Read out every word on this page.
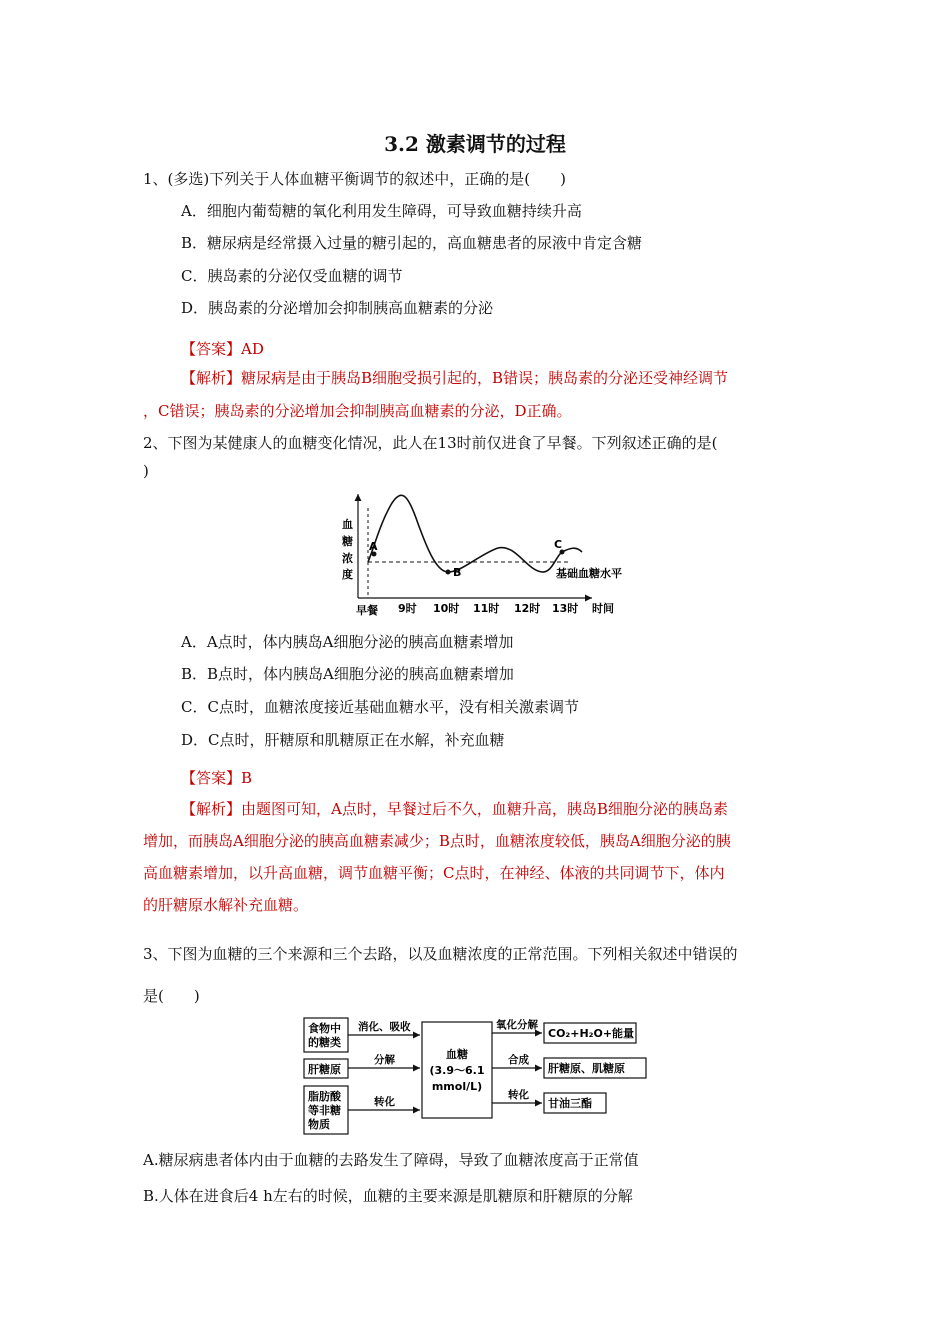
3.2 激素调节的过程
1、(多选)下列关于人体血糖平衡调节的叙述中，正确的是(　　)
A．细胞内葡萄糖的氧化利用发生障碍，可导致血糖持续升高
B．糖尿病是经常摄入过量的糖引起的，高血糖患者的尿液中肯定含糖
C．胰岛素的分泌仅受血糖的调节
D．胰岛素的分泌增加会抑制胰高血糖素的分泌
【答案】AD
【解析】糖尿病是由于胰岛B细胞受损引起的，B错误；胰岛素的分泌还受神经调节
，C错误；胰岛素的分泌增加会抑制胰高血糖素的分泌，D正确。
2、下图为某健康人的血糖变化情况，此人在13时前仅进食了早餐。下列叙述正确的是(
)
A
B
C
血
糖
浓
度	基础血糖水平
早餐 9时 10时 11时 12时 13时 时间
A．A点时，体内胰岛A细胞分泌的胰高血糖素增加
B．B点时，体内胰岛A细胞分泌的胰高血糖素增加
C．C点时，血糖浓度接近基础血糖水平，没有相关激素调节
D．C点时，肝糖原和肌糖原正在水解，补充血糖
【答案】B
【解析】由题图可知，A点时，早餐过后不久，血糖升高，胰岛B细胞分泌的胰岛素
增加，而胰岛A细胞分泌的胰高血糖素减少；B点时，血糖浓度较低，胰岛A细胞分泌的胰
高血糖素增加，以升高血糖，调节血糖平衡；C点时，在神经、体液的共同调节下，体内
的肝糖原水解补充血糖。
3、下图为血糖的三个来源和三个去路，以及血糖浓度的正常范围。下列相关叙述中错误的
是(　　)
食物中
的糖类
肝糖原
脂肪酸
等非糖
物质
消化、吸收
分解
转化
血糖
(3.9～6.1
mmol/L)
氧化分解
合成
转化
CO₂+H₂O+能量
肝糖原、肌糖原
甘油三酯
A.糖尿病患者体内由于血糖的去路发生了障碍，导致了血糖浓度高于正常值
B.人体在进食后4 h左右的时候，血糖的主要来源是肌糖原和肝糖原的分解
